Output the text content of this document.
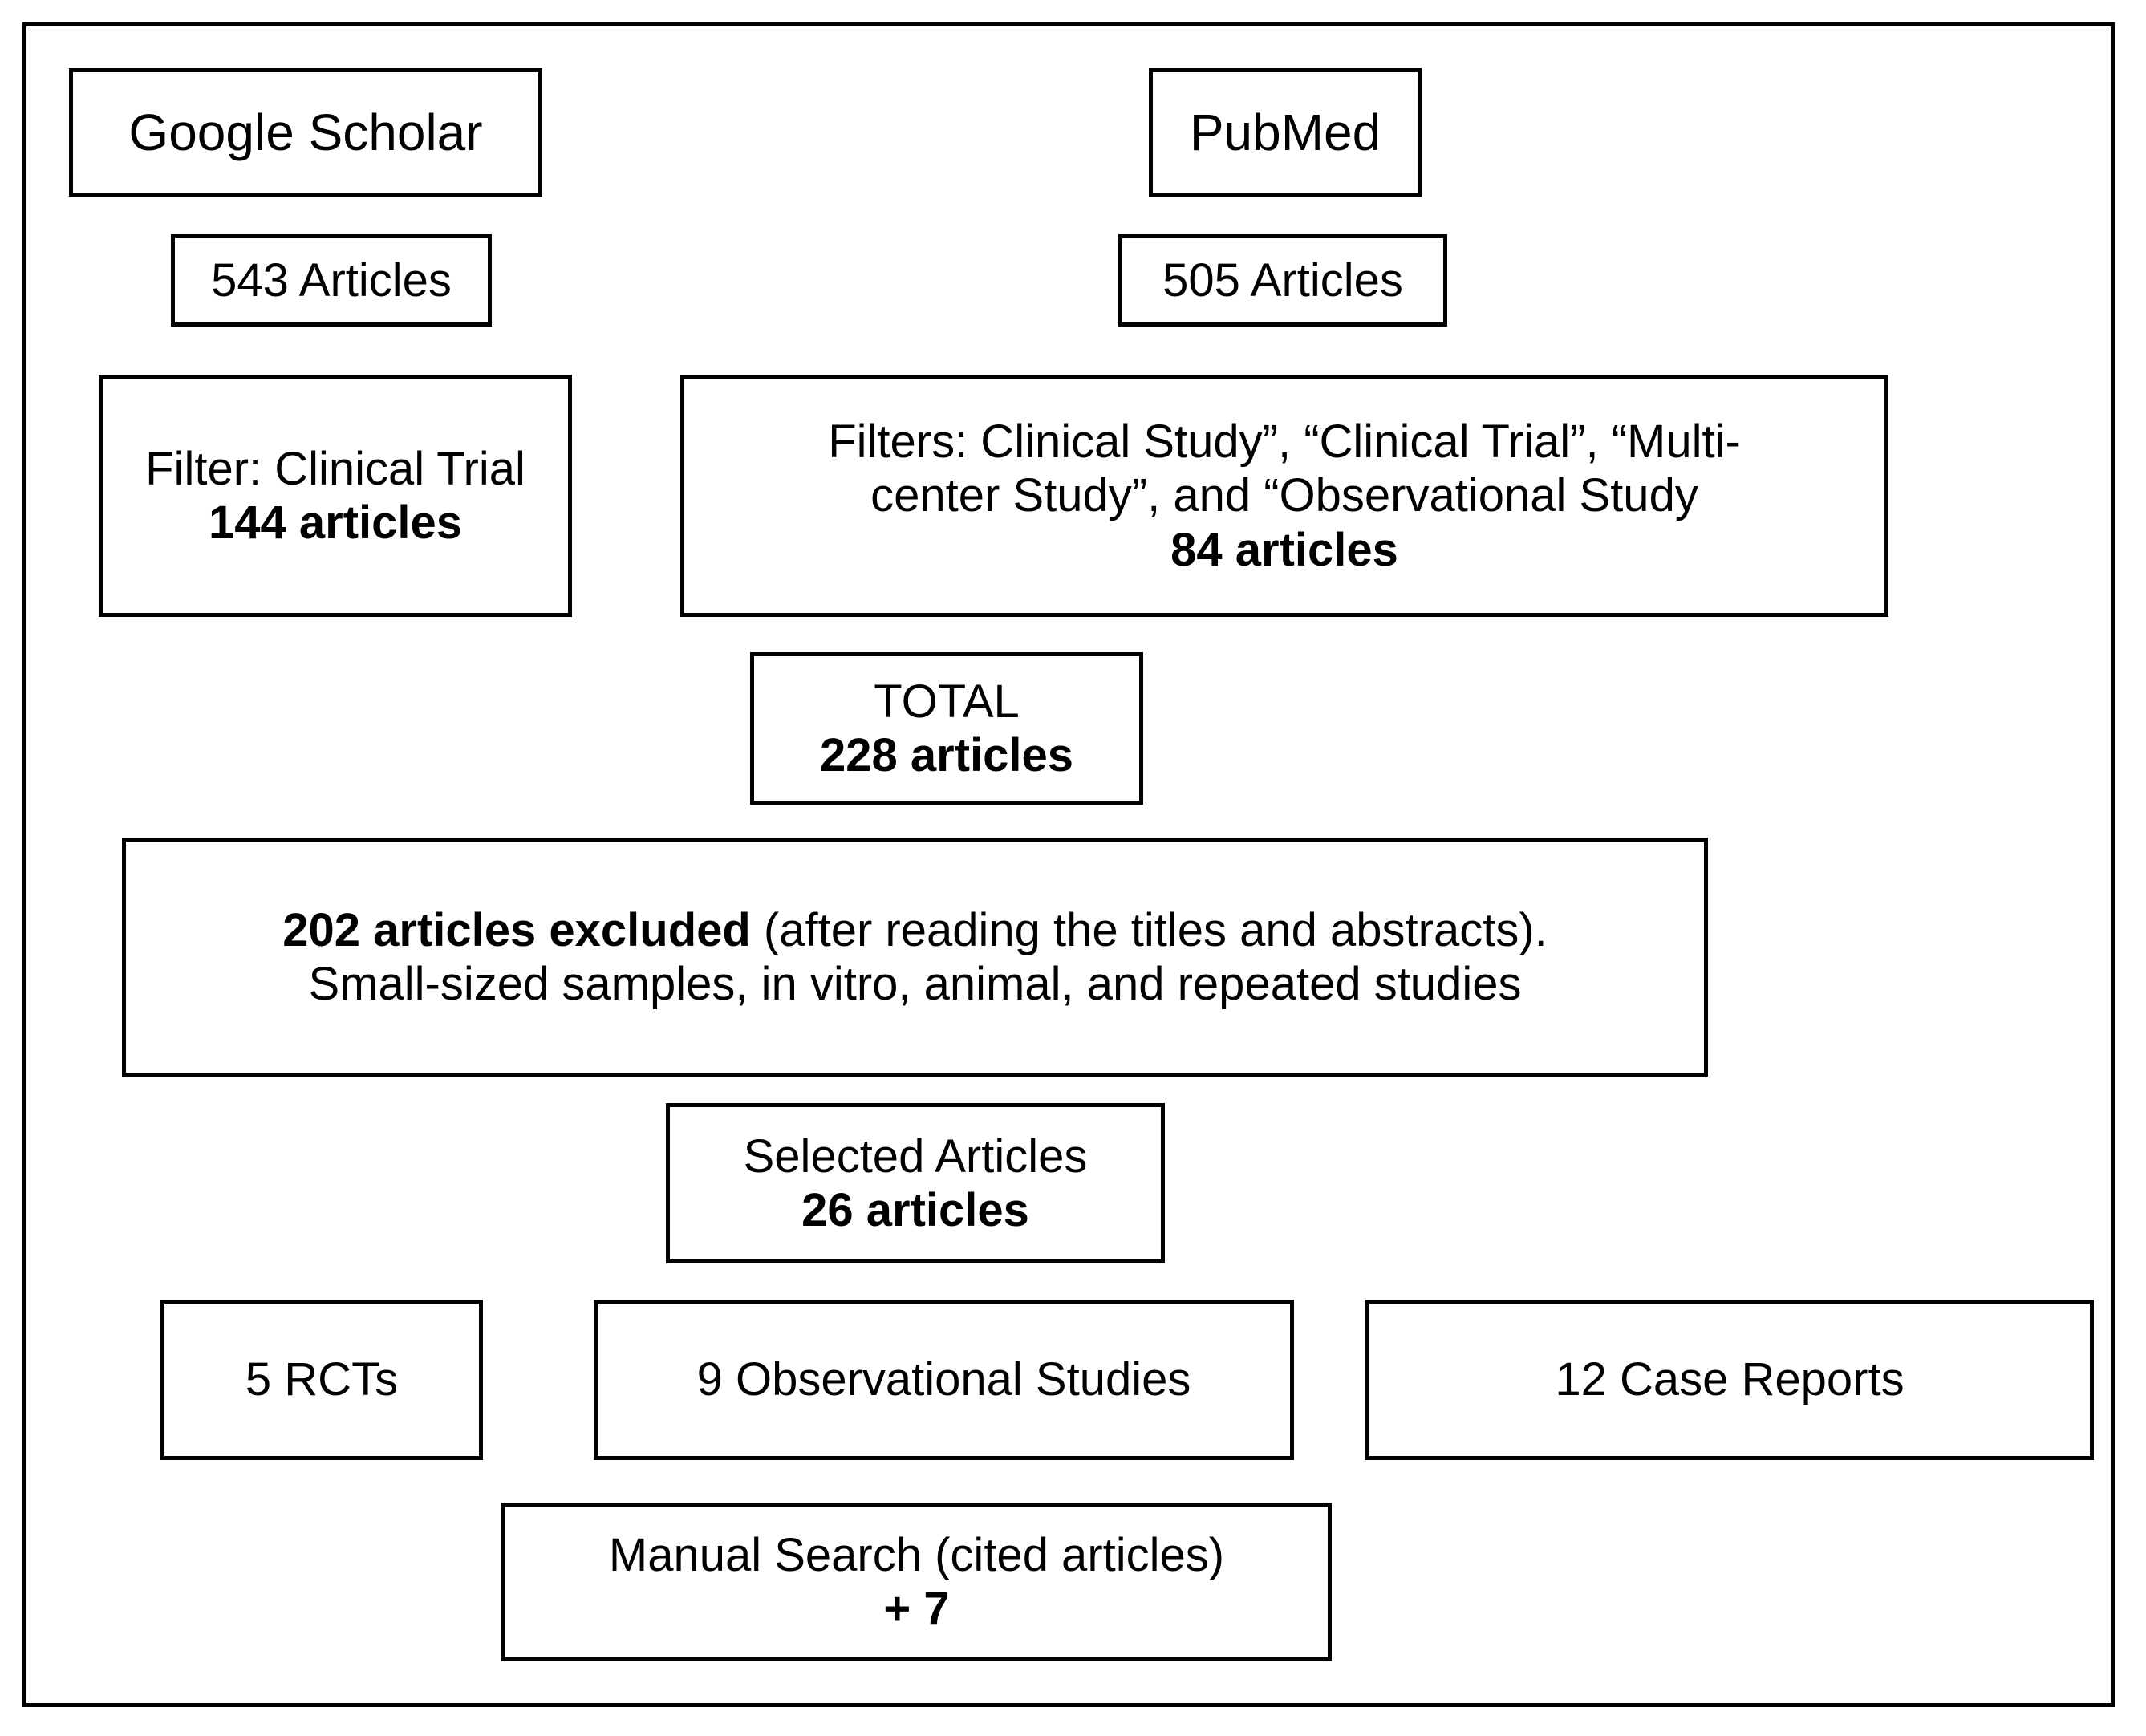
Google Scholar
543 Articles
Filter: Clinical Trial
144 articles
PubMed
505 Articles
Filters: Clinical Study”, “Clinical Trial”, “Multi-
center Study”, and “Observational Study
84 articles
TOTAL
228 articles
202 articles excluded (after reading the titles and abstracts).
Small-sized samples, in vitro, animal, and repeated studies
Selected Articles
26 articles
5 RCTs	9 Observational Studies	12 Case Reports
Manual Search (cited articles)
+ 7
